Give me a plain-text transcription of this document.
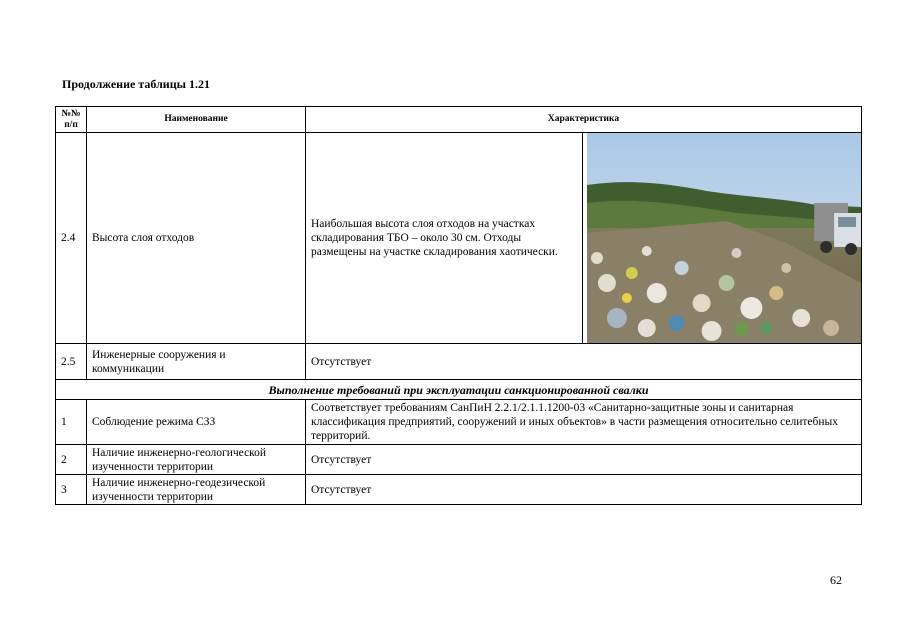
Продолжение таблицы 1.21
№№ п/п	Наименование	Характеристика	
2.4	Высота слоя отходов	Наибольшая высота слоя отходов на участках складирования ТБО – около 30 см. Отходы размещены на участке складирования хаотически.	

2.5	Инженерные сооружения и коммуникации	Отсутствует	
Выполнение требований при эксплуатации санкционированной свалки			
1	Соблюдение режима СЗЗ	Соответствует требованиям СанПиН 2.2.1/2.1.1.1200-03 «Санитарно-защитные зоны и санитарная классификация предприятий, сооружений и иных объектов» в части размещения относительно селитебных территорий.	
2	Наличие инженерно-геологической изученности территории	Отсутствует	
3	Наличие инженерно-геодезической изученности территории	Отсутствует	
62
